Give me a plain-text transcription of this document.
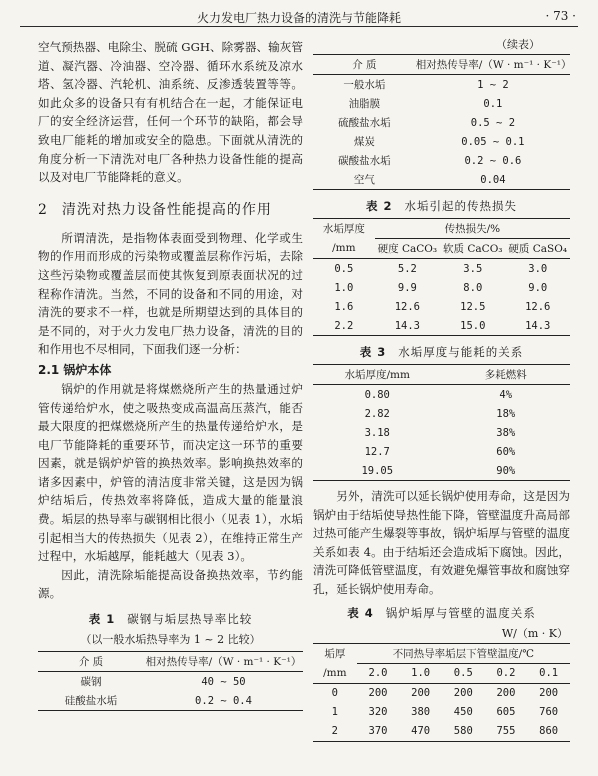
火力发电厂热力设备的清洗与节能降耗	· 73 ·

空气预热器、电除尘、脱硫 GGH、除雾器、输灰管道、凝汽器、冷油器、空冷器、循环水系统及凉水塔、氢冷器、汽轮机、油系统、反渗透装置等等。如此众多的设备只有有机结合在一起，才能保证电厂的安全经济运营，任何一个环节的缺陷，都会导致电厂能耗的增加或安全的隐患。下面就从清洗的角度分析一下清洗对电厂各种热力设备性能的提高以及对电厂节能降耗的意义。

2 清洗对热力设备性能提高的作用

所谓清洗，是指物体表面受到物理、化学或生物的作用而形成的污染物或覆盖层称作污垢，去除这些污染物或覆盖层而使其恢复到原表面状况的过程称作清洗。当然，不同的设备和不同的用途，对清洗的要求不一样，也就是所期望达到的具体目的是不同的，对于火力发电厂热力设备，清洗的目的和作用也不尽相同，下面我们逐一分析：

2.1 锅炉本体

锅炉的作用就是将煤燃烧所产生的热量通过炉管传递给炉水，使之吸热变成高温高压蒸汽，能否最大限度的把煤燃烧所产生的热量传递给炉水，是电厂节能降耗的重要环节，而决定这一环节的重要因素，就是锅炉炉管的换热效率。影响换热效率的诸多因素中，炉管的清洁度非常关键，这是因为锅炉结垢后，传热效率将降低，造成大量的能量浪费。垢层的热导率与碳钢相比很小（见表 1），水垢引起相当大的传热损失（见表 2），在维持正常生产过程中，水垢越厚，能耗越大（见表 3）。

因此，清洗除垢能提高设备换热效率，节约能源。

表 1 碳钢与垢层热导率比较
（以一般水垢热导率为 1 ~ 2 比较）
介 质	相对热传导率/（W · m⁻¹ · K⁻¹）
碳钢	40 ~ 50
硅酸盐水垢	0.2 ~ 0.4
（续表）
介 质	相对热传导率/（W · m⁻¹ · K⁻¹）
一般水垢	1 ~ 2
油脂膜	0.1
硫酸盐水垢	0.5 ~ 2
煤炭	0.05 ~ 0.1
碳酸盐水垢	0.2 ~ 0.6
空气	0.04
表 2 水垢引起的传热损失
水垢厚度	传热损失/%		
/mm	硬度 CaCO₃	软质 CaCO₃	硬质 CaSO₄
0.5	5.2	3.5	3.0
1.0	9.9	8.0	9.0
1.6	12.6	12.5	12.6
2.2	14.3	15.0	14.3
表 3 水垢厚度与能耗的关系
水垢厚度/mm	多耗燃料
0.80	4%
2.82	18%
3.18	38%
12.7	60%
19.05	90%

另外，清洗可以延长锅炉使用寿命，这是因为锅炉由于结垢使导热性能下降，管壁温度升高局部过热可能产生爆裂等事故，锅炉垢厚与管壁的温度关系如表 4。由于结垢还会造成垢下腐蚀。因此，清洗可降低管壁温度，有效避免爆管事故和腐蚀穿孔，延长锅炉使用寿命。

表 4 锅炉垢厚与管壁的温度关系
W/（m · K）
垢厚	不同热导率垢层下管壁温度/℃				
/mm	2.0	1.0	0.5	0.2	0.1
0	200	200	200	200	200
1	320	380	450	605	760
2	370	470	580	755	860
